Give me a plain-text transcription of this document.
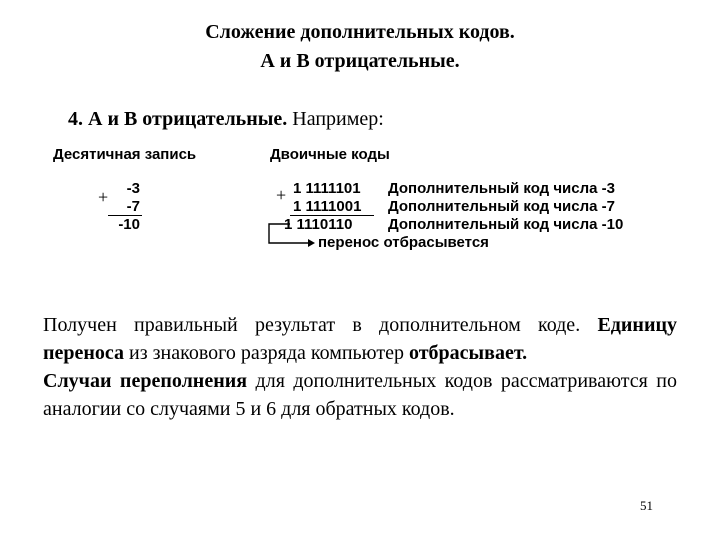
Сложение дополнительных кодов.
А и В отрицательные.
4. А и В отрицательные. Например:
Десятичная запись	Двоичные коды
+	-3
-7
-10
+ 1 1111101
1 1111001
1 1110110
Дополнительный код числа -3
Дополнительный код числа -7
Дополнительный код числа -10
перенос отбрасывется

Получен правильный результат в дополнительном коде. Единицу переноса из знакового разряда компьютер отбрасывает.

Случаи переполнения для дополнительных кодов рассматриваются по аналогии со случаями 5 и 6 для обратных кодов.

51
